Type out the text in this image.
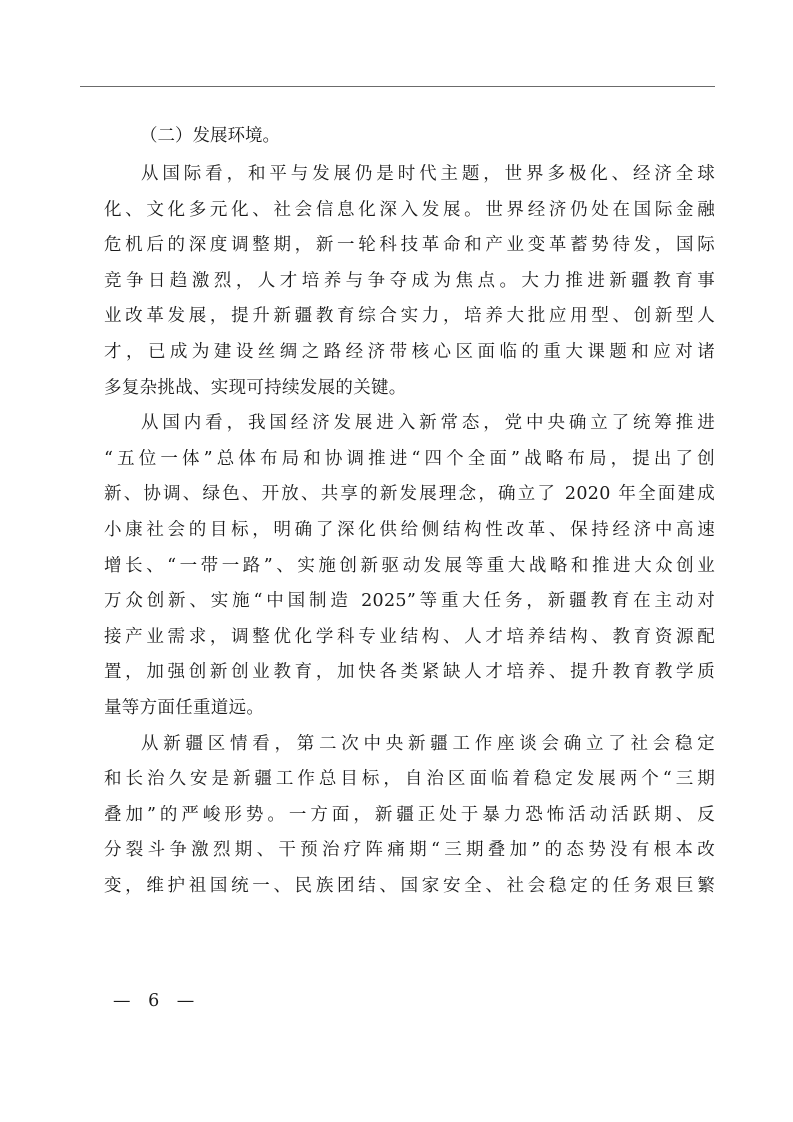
（二）发展环境。
从国际看，和平与发展仍是时代主题，世界多极化、经济全球
化、文化多元化、社会信息化深入发展。世界经济仍处在国际金融
危机后的深度调整期，新一轮科技革命和产业变革蓄势待发，国际
竞争日趋激烈，人才培养与争夺成为焦点。大力推进新疆教育事
业改革发展，提升新疆教育综合实力，培养大批应用型、创新型人
才，已成为建设丝绸之路经济带核心区面临的重大课题和应对诸
多复杂挑战、实现可持续发展的关键。
从国内看，我国经济发展进入新常态，党中央确立了统筹推进
“五位一体”总体布局和协调推进“四个全面”战略布局，提出了创
新、协调、绿色、开放、共享的新发展理念，确立了 2020 年全面建成
小康社会的目标，明确了深化供给侧结构性改革、保持经济中高速
增长、“一带一路”、实施创新驱动发展等重大战略和推进大众创业
万众创新、实施“中国制造 2025”等重大任务，新疆教育在主动对
接产业需求，调整优化学科专业结构、人才培养结构、教育资源配
置，加强创新创业教育，加快各类紧缺人才培养、提升教育教学质
量等方面任重道远。
从新疆区情看，第二次中央新疆工作座谈会确立了社会稳定
和长治久安是新疆工作总目标，自治区面临着稳定发展两个“三期
叠加”的严峻形势。一方面，新疆正处于暴力恐怖活动活跃期、反
分裂斗争激烈期、干预治疗阵痛期“三期叠加”的态势没有根本改
变，维护祖国统一、民族团结、国家安全、社会稳定的任务艰巨繁
— 6 —
